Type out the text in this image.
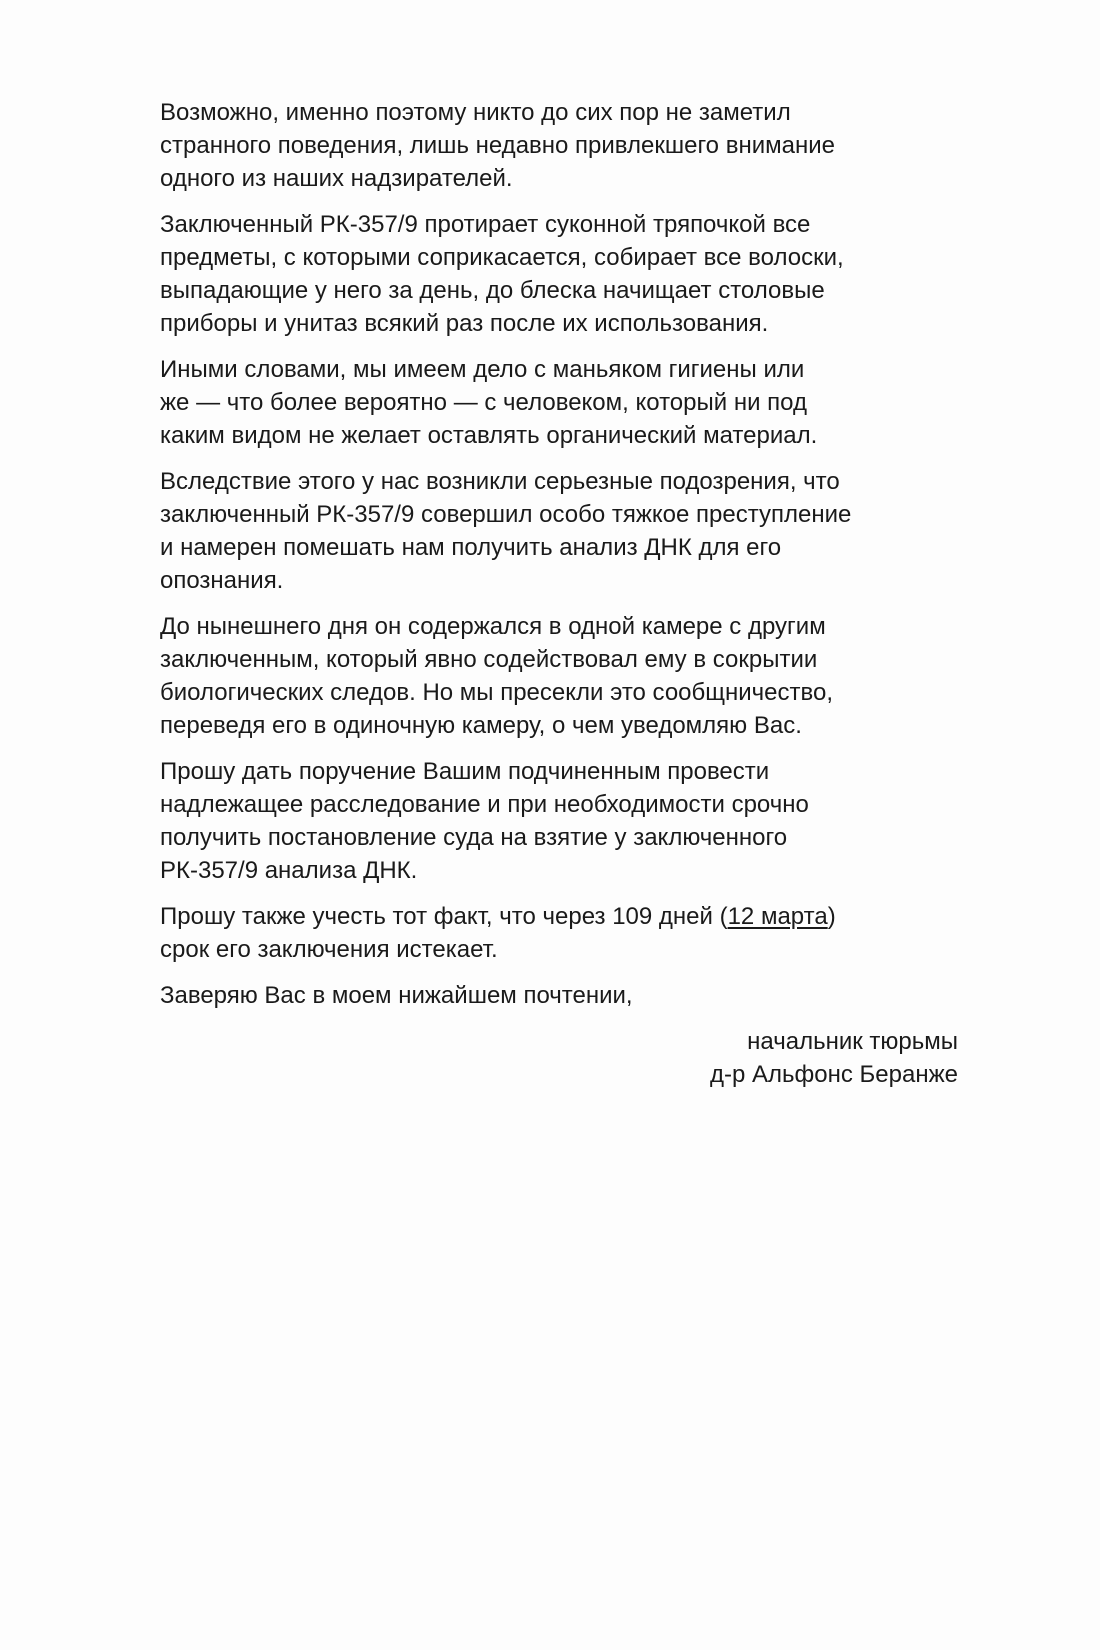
Возможно, именно поэтому никто до сих пор не заметил
странного поведения, лишь недавно привлекшего внимание
одного из наших надзирателей.

Заключенный РК-357/9 протирает суконной тряпочкой все
предметы, с которыми соприкасается, собирает все волоски,
выпадающие у него за день, до блеска начищает столовые
приборы и унитаз всякий раз после их использования.

Иными словами, мы имеем дело с маньяком гигиены или
же — что более вероятно — с человеком, который ни под
каким видом не желает оставлять органический материал.

Вследствие этого у нас возникли серьезные подозрения, что
заключенный РК-357/9 совершил особо тяжкое преступление
и намерен помешать нам получить анализ ДНК для его
опознания.

До нынешнего дня он содержался в одной камере с другим
заключенным, который явно содействовал ему в сокрытии
биологических следов. Но мы пресекли это сообщничество,
переведя его в одиночную камеру, о чем уведомляю Вас.

Прошу дать поручение Вашим подчиненным провести
надлежащее расследование и при необходимости срочно
получить постановление суда на взятие у заключенного
РК-357/9 анализа ДНК.

Прошу также учесть тот факт, что через 109 дней (12 марта)
срок его заключения истекает.

Заверяю Вас в моем нижайшем почтении,

начальник тюрьмы
д-р Альфонс Беранже
